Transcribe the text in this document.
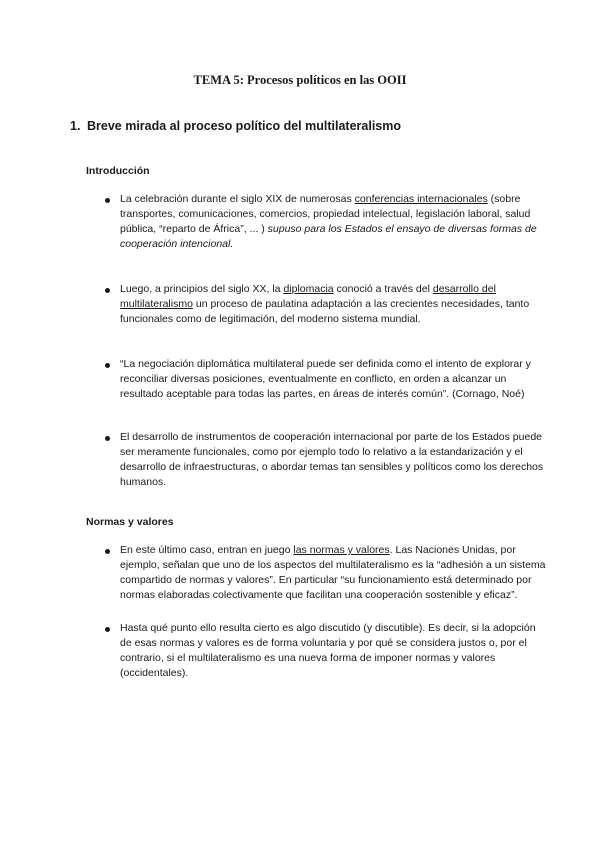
TEMA 5: Procesos políticos en las OOII
1. Breve mirada al proceso político del multilateralismo
Introducción
La celebración durante el siglo XIX de numerosas conferencias internacionales (sobre transportes, comunicaciones, comercios, propiedad intelectual, legislación laboral, salud pública, “reparto de África”, ... ) supuso para los Estados el ensayo de diversas formas de cooperación intencional.
Luego, a principios del siglo XX, la diplomacia conoció a través del desarrollo del multilateralismo un proceso de paulatina adaptación a las crecientes necesidades, tanto funcionales como de legitimación, del moderno sistema mundial.
“La negociación diplomática multilateral puede ser definida como el intento de explorar y reconciliar diversas posiciones, eventualmente en conflicto, en orden a alcanzar un resultado aceptable para todas las partes, en áreas de interés común”. (Cornago, Noé)
El desarrollo de instrumentos de cooperación internacional por parte de los Estados puede ser meramente funcionales, como por ejemplo todo lo relativo a la estandarización y el desarrollo de infraestructuras, o abordar temas tan sensibles y políticos como los derechos humanos.
Normas y valores
En este último caso, entran en juego las normas y valores. Las Naciones Unidas, por ejemplo, señalan que uno de los aspectos del multilateralismo es la “adhesión a un sistema compartido de normas y valores”. En particular “su funcionamiento está determinado por normas elaboradas colectivamente que facilitan una cooperación sostenible y eficaz”.
Hasta qué punto ello resulta cierto es algo discutido (y discutible). Es decir, si la adopción de esas normas y valores es de forma voluntaria y por qué se considera justos o, por el contrario, si el multilateralismo es una nueva forma de imponer normas y valores (occidentales).
